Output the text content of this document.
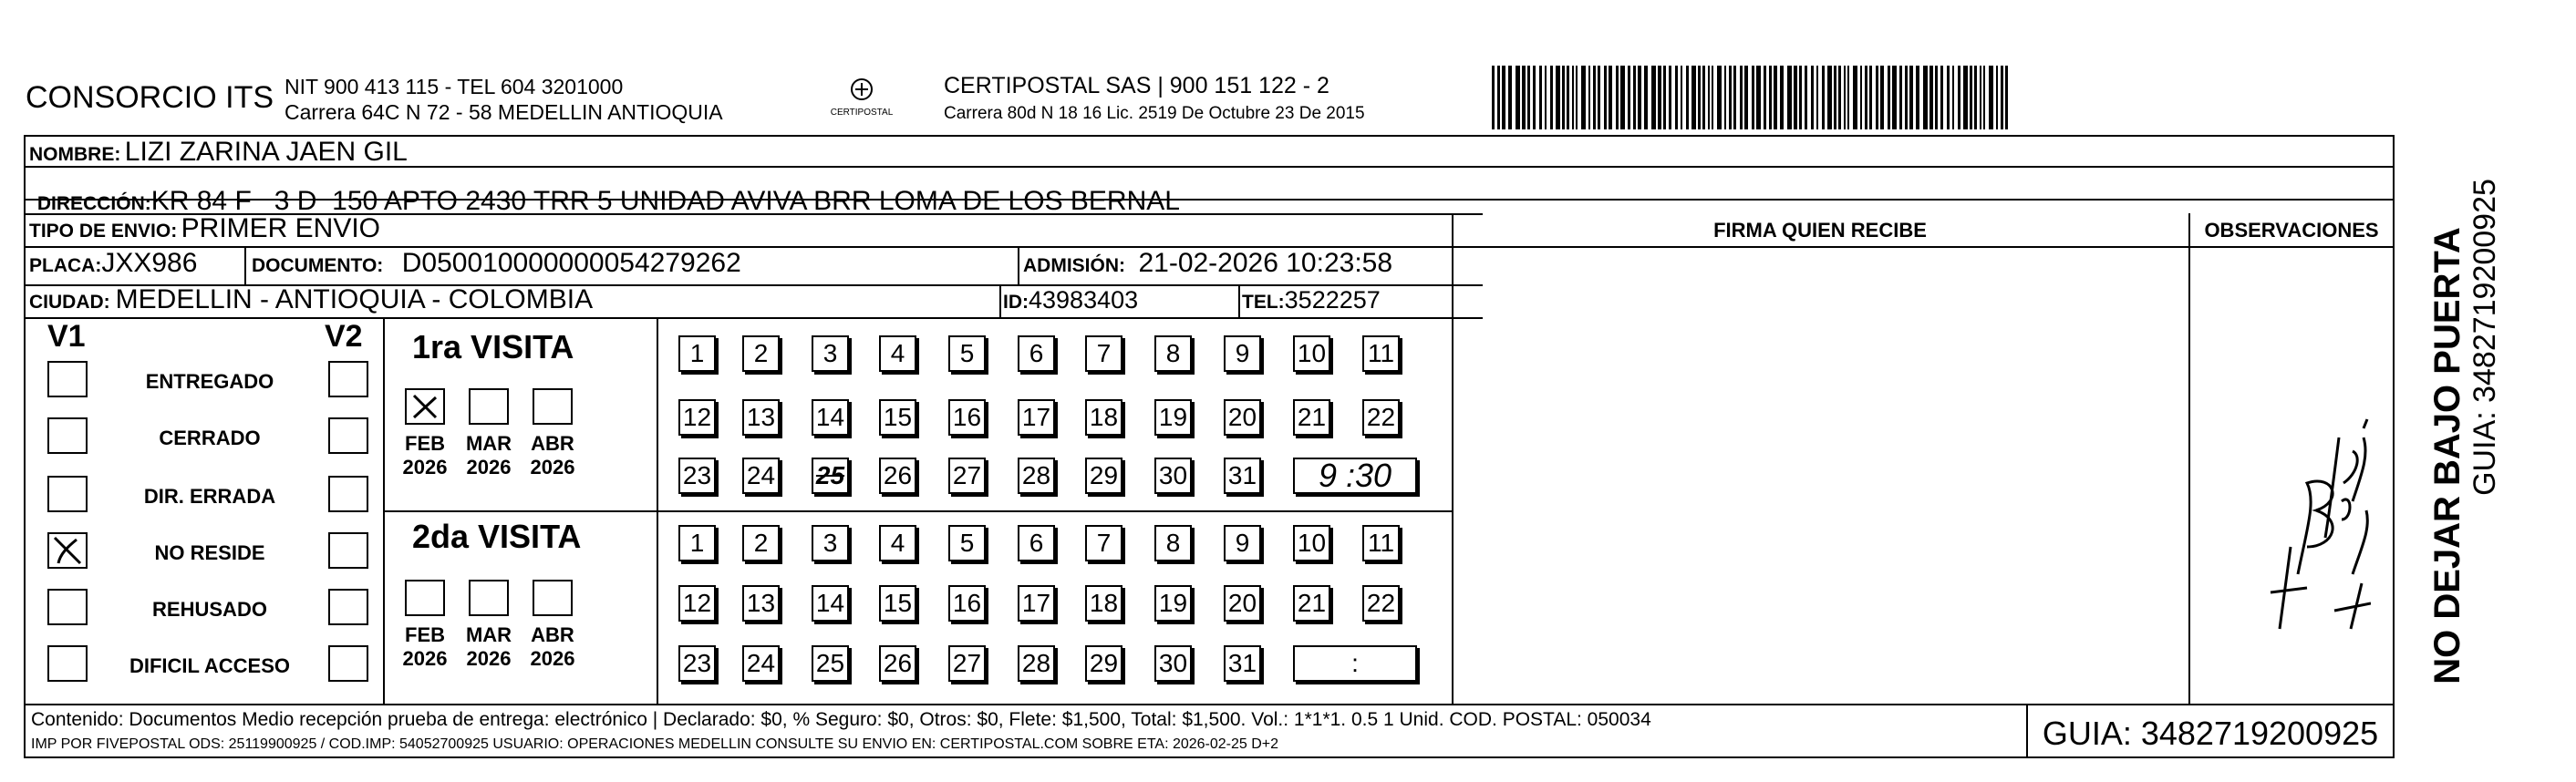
CONSORCIO ITS NIT 900 413 115 - TEL 604 3201000
Carrera 64C N 72 - 58 MEDELLIN ANTIOQUIA	CERTIPOSTAL
CERTIPOSTAL SAS | 900 151 122 - 2
Carrera 80d N 18 16 Lic. 2519 De Octubre 23 De 2015
NOMBRE: LIZI ZARINA JAEN GIL

DIRECCIÓN:KR 84 F   3 D  150 APTO 2430 TRR 5 UNIDAD AVIVA BRR LOMA DE LOS BERNAL

TIPO DE ENVIO: PRIMER ENVIO
PLACA:JXX986	DOCUMENTO: D050010000000054279262	ADMISIÓN: 21-02-2026 10:23:58
CIUDAD: MEDELLIN - ANTIOQUIA - COLOMBIA	ID:43983403	TEL:3522257
FIRMA QUIEN RECIBE	OBSERVACIONES	NO DEJAR BAJO PUERTA GUIA: 3482719200925
V1	V2
ENTREGADO
CERRADO
DIR. ERRADA
NO RESIDE
REHUSADO
DIFICIL ACCESO
1ra VISITA
2da VISITA
FEB
2026
MAR
2026
ABR
2026
FEB
2026
MAR
2026
ABR
2026
1	2	3	4	5	6	7	8	9	10 11
12 13 14 15 16 17 18 19 20 21 22
23 24 25 26 27 28 29 30 31	9 :30
1	2	3	4	5	6	7	8	9	10 11
12 13 14 15 16 17 18 19 20 21 22
23 24 25 26 27 28 29 30 31	:
Contenido: Documentos Medio recepción prueba de entrega: electrónico | Declarado: $0, % Seguro: $0, Otros: $0, Flete: $1,500, Total: $1,500. Vol.: 1*1*1. 0.5 1 Unid. COD. POSTAL: 050034
IMP POR FIVEPOSTAL ODS: 25119900925 / COD.IMP: 54052700925 USUARIO: OPERACIONES MEDELLIN CONSULTE SU ENVIO EN: CERTIPOSTAL.COM SOBRE ETA: 2026-02-25 D+2	GUIA: 3482719200925
